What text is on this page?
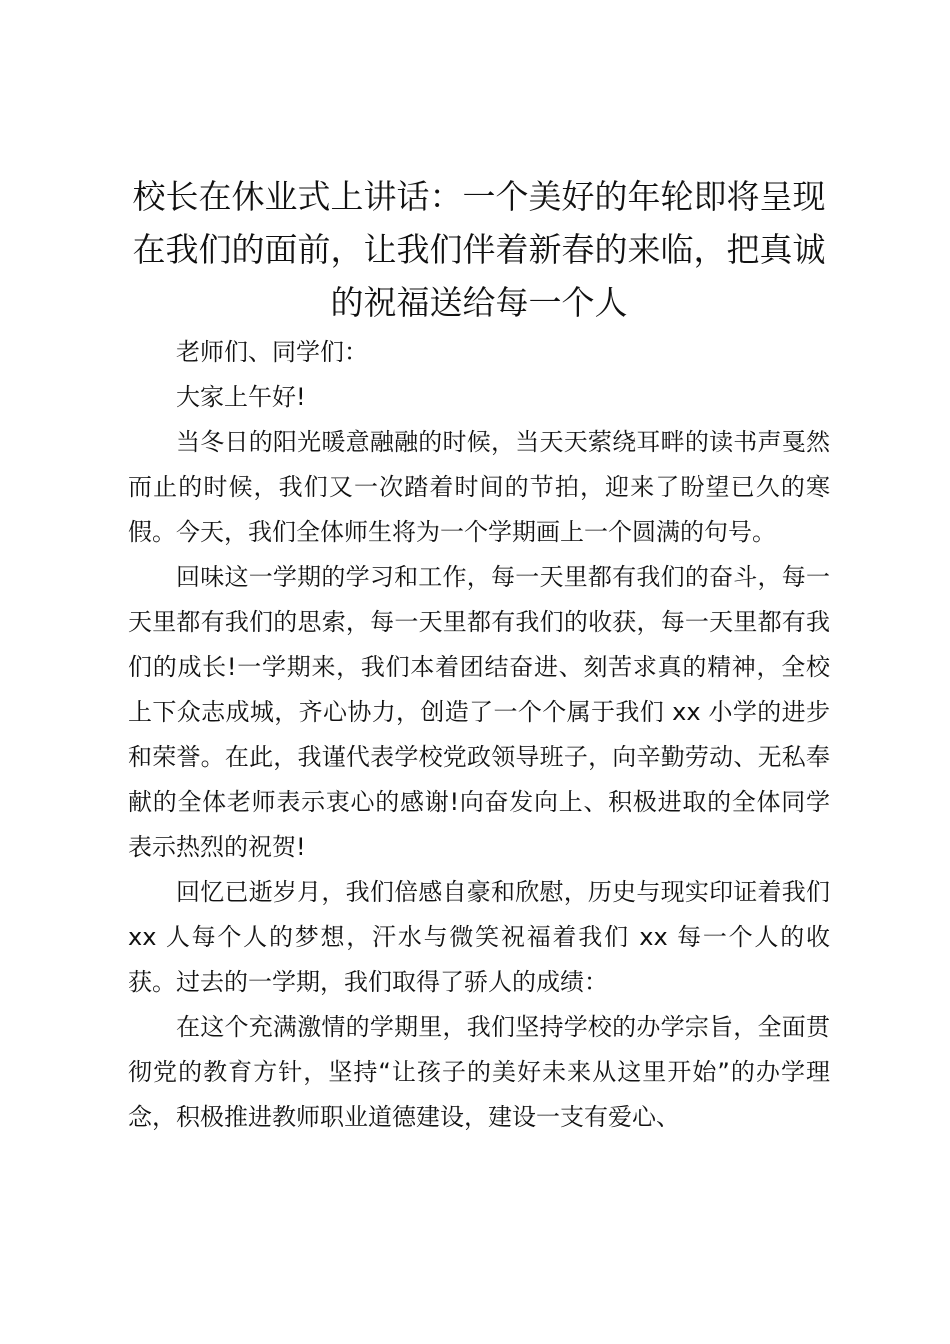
校长在休业式上讲话：一个美好的年轮即将呈现在我们的面前，让我们伴着新春的来临，把真诚的祝福送给每一个人

老师们、同学们：

大家上午好!

当冬日的阳光暖意融融的时候，当天天萦绕耳畔的读书声戛然而止的时候，我们又一次踏着时间的节拍，迎来了盼望已久的寒假。今天，我们全体师生将为一个学期画上一个圆满的句号。

回味这一学期的学习和工作，每一天里都有我们的奋斗，每一天里都有我们的思索，每一天里都有我们的收获，每一天里都有我们的成长!一学期来，我们本着团结奋进、刻苦求真的精神，全校上下众志成城，齐心协力，创造了一个个属于我们 xx 小学的进步和荣誉。在此，我谨代表学校党政领导班子，向辛勤劳动、无私奉献的全体老师表示衷心的感谢!向奋发向上、积极进取的全体同学表示热烈的祝贺!

回忆已逝岁月，我们倍感自豪和欣慰，历史与现实印证着我们 xx 人每个人的梦想，汗水与微笑祝福着我们 xx 每一个人的收获。过去的一学期，我们取得了骄人的成绩：

在这个充满激情的学期里，我们坚持学校的办学宗旨，全面贯彻党的教育方针，坚持“让孩子的美好未来从这里开始”的办学理念，积极推进教师职业道德建设，建设一支有爱心、
